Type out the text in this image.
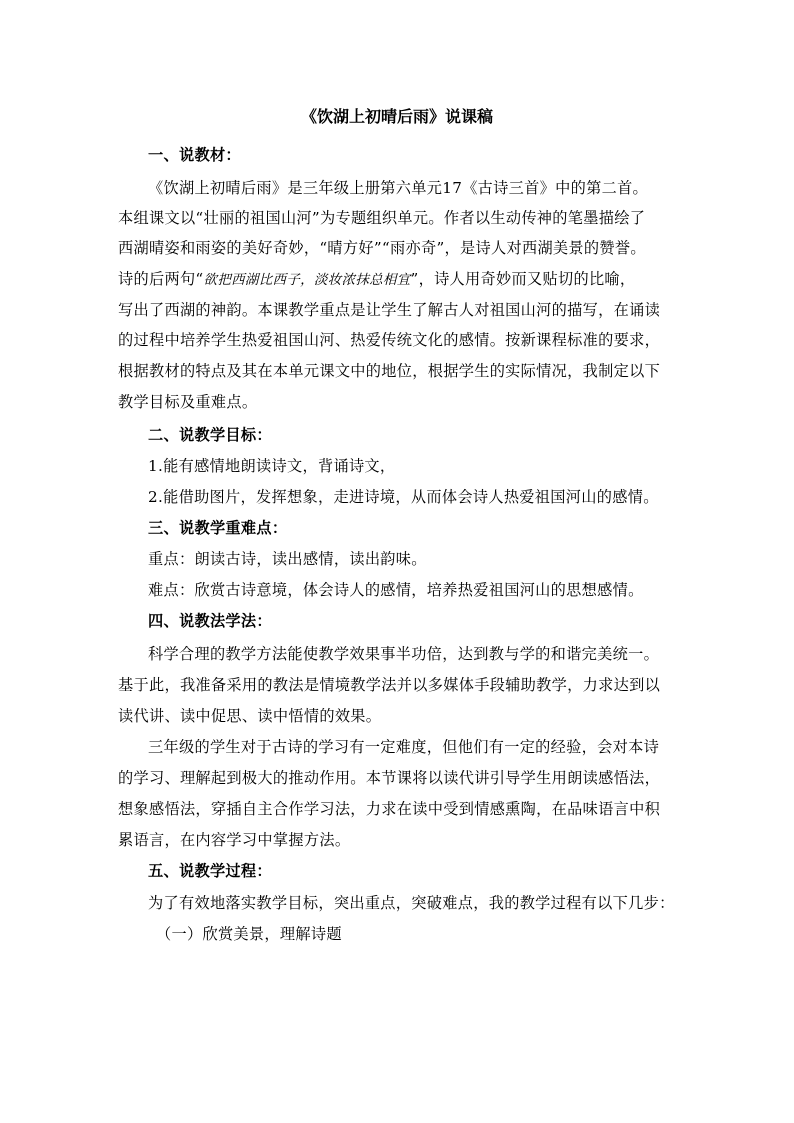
《饮湖上初晴后雨》说课稿
一、说教材：
《饮湖上初晴后雨》是三年级上册第六单元17《古诗三首》中的第二首。
本组课文以“壮丽的祖国山河”为专题组织单元。作者以生动传神的笔墨描绘了
西湖晴姿和雨姿的美好奇妙，“晴方好”“雨亦奇”，是诗人对西湖美景的赞誉。
诗的后两句“欲把西湖比西子，淡妆浓抹总相宜”，诗人用奇妙而又贴切的比喻，
写出了西湖的神韵。本课教学重点是让学生了解古人对祖国山河的描写，在诵读
的过程中培养学生热爱祖国山河、热爱传统文化的感情。按新课程标准的要求，
根据教材的特点及其在本单元课文中的地位，根据学生的实际情况，我制定以下
教学目标及重难点。
二、说教学目标：
1.能有感情地朗读诗文，背诵诗文，
2.能借助图片，发挥想象，走进诗境，从而体会诗人热爱祖国河山的感情。
三、说教学重难点：
重点：朗读古诗，读出感情，读出韵味。
难点：欣赏古诗意境，体会诗人的感情，培养热爱祖国河山的思想感情。
四、说教法学法：
科学合理的教学方法能使教学效果事半功倍，达到教与学的和谐完美统一。
基于此，我准备采用的教法是情境教学法并以多媒体手段辅助教学，力求达到以
读代讲、读中促思、读中悟情的效果。
三年级的学生对于古诗的学习有一定难度，但他们有一定的经验，会对本诗
的学习、理解起到极大的推动作用。本节课将以读代讲引导学生用朗读感悟法，
想象感悟法，穿插自主合作学习法，力求在读中受到情感熏陶，在品味语言中积
累语言，在内容学习中掌握方法。
五、说教学过程：
为了有效地落实教学目标，突出重点，突破难点，我的教学过程有以下几步：
（一）欣赏美景，理解诗题
